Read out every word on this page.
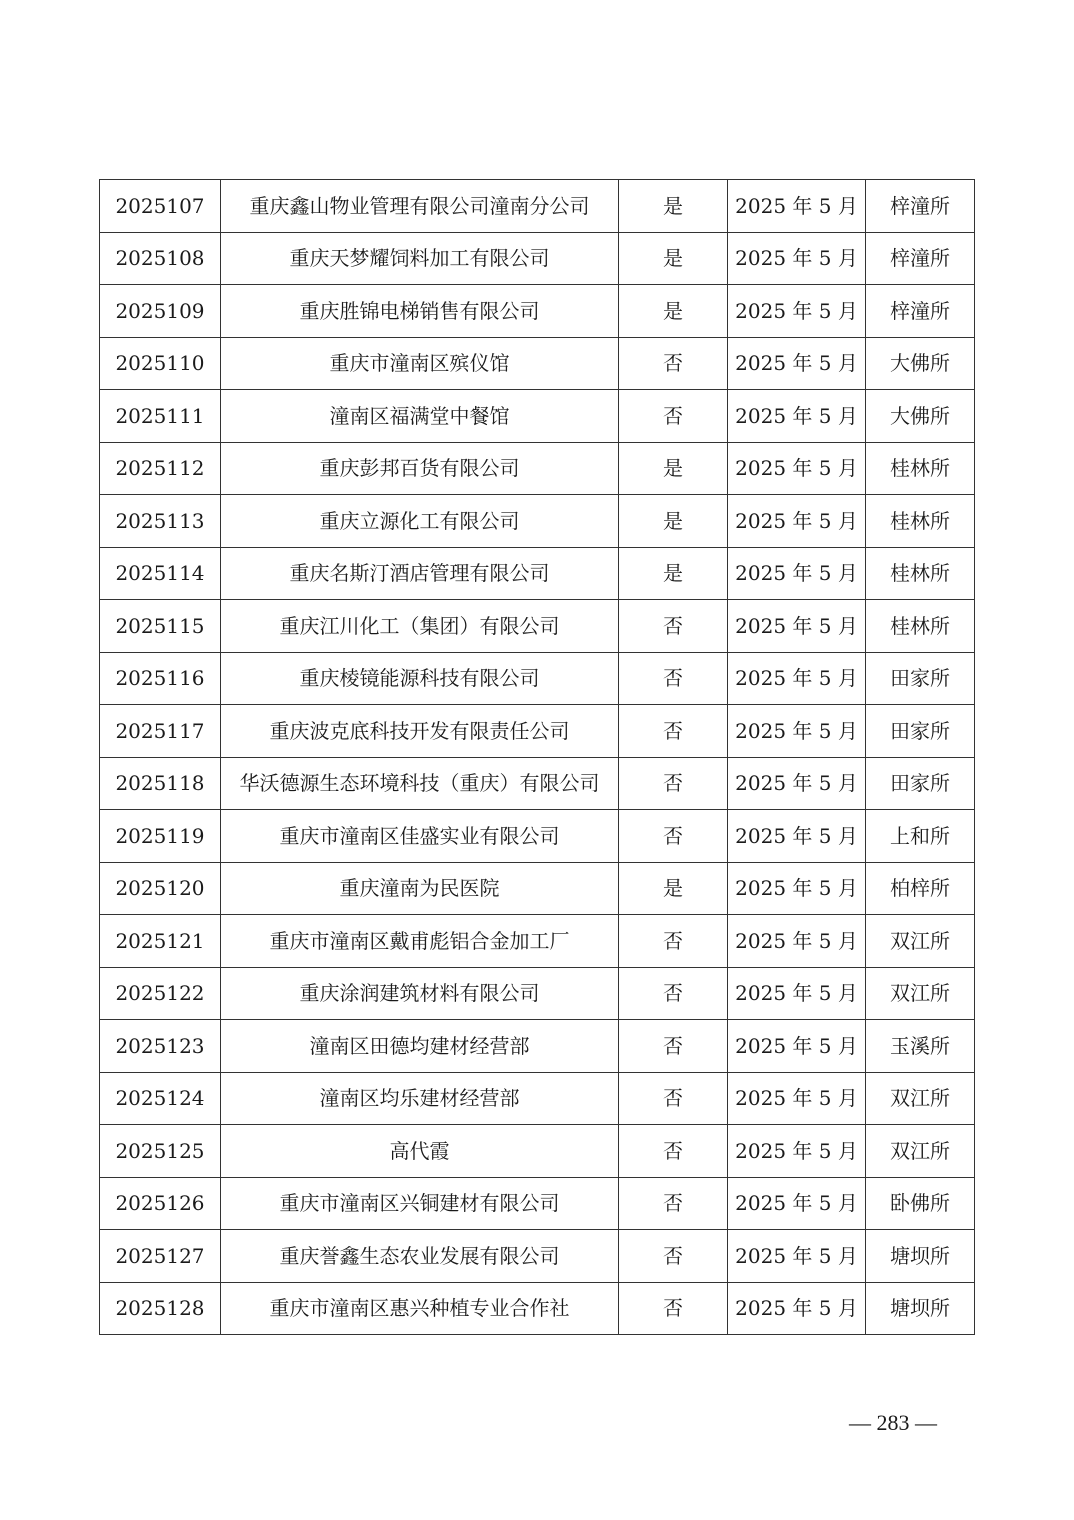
2025107	重庆鑫山物业管理有限公司潼南分公司	是	2025 年 5 月	梓潼所
2025108	重庆天梦耀饲料加工有限公司	是	2025 年 5 月	梓潼所
2025109	重庆胜锦电梯销售有限公司	是	2025 年 5 月	梓潼所
2025110	重庆市潼南区殡仪馆	否	2025 年 5 月	大佛所
2025111	潼南区福满堂中餐馆	否	2025 年 5 月	大佛所
2025112	重庆彭邦百货有限公司	是	2025 年 5 月	桂林所
2025113	重庆立源化工有限公司	是	2025 年 5 月	桂林所
2025114	重庆名斯汀酒店管理有限公司	是	2025 年 5 月	桂林所
2025115	重庆江川化工（集团）有限公司	否	2025 年 5 月	桂林所
2025116	重庆棱镜能源科技有限公司	否	2025 年 5 月	田家所
2025117	重庆波克底科技开发有限责任公司	否	2025 年 5 月	田家所
2025118	华沃德源生态环境科技（重庆）有限公司	否	2025 年 5 月	田家所
2025119	重庆市潼南区佳盛实业有限公司	否	2025 年 5 月	上和所
2025120	重庆潼南为民医院	是	2025 年 5 月	柏梓所
2025121	重庆市潼南区戴甫彪铝合金加工厂	否	2025 年 5 月	双江所
2025122	重庆涂润建筑材料有限公司	否	2025 年 5 月	双江所
2025123	潼南区田德均建材经营部	否	2025 年 5 月	玉溪所
2025124	潼南区均乐建材经营部	否	2025 年 5 月	双江所
2025125	高代霞	否	2025 年 5 月	双江所
2025126	重庆市潼南区兴铜建材有限公司	否	2025 年 5 月	卧佛所
2025127	重庆誉鑫生态农业发展有限公司	否	2025 年 5 月	塘坝所
2025128	重庆市潼南区惠兴种植专业合作社	否	2025 年 5 月	塘坝所
— 283 —
